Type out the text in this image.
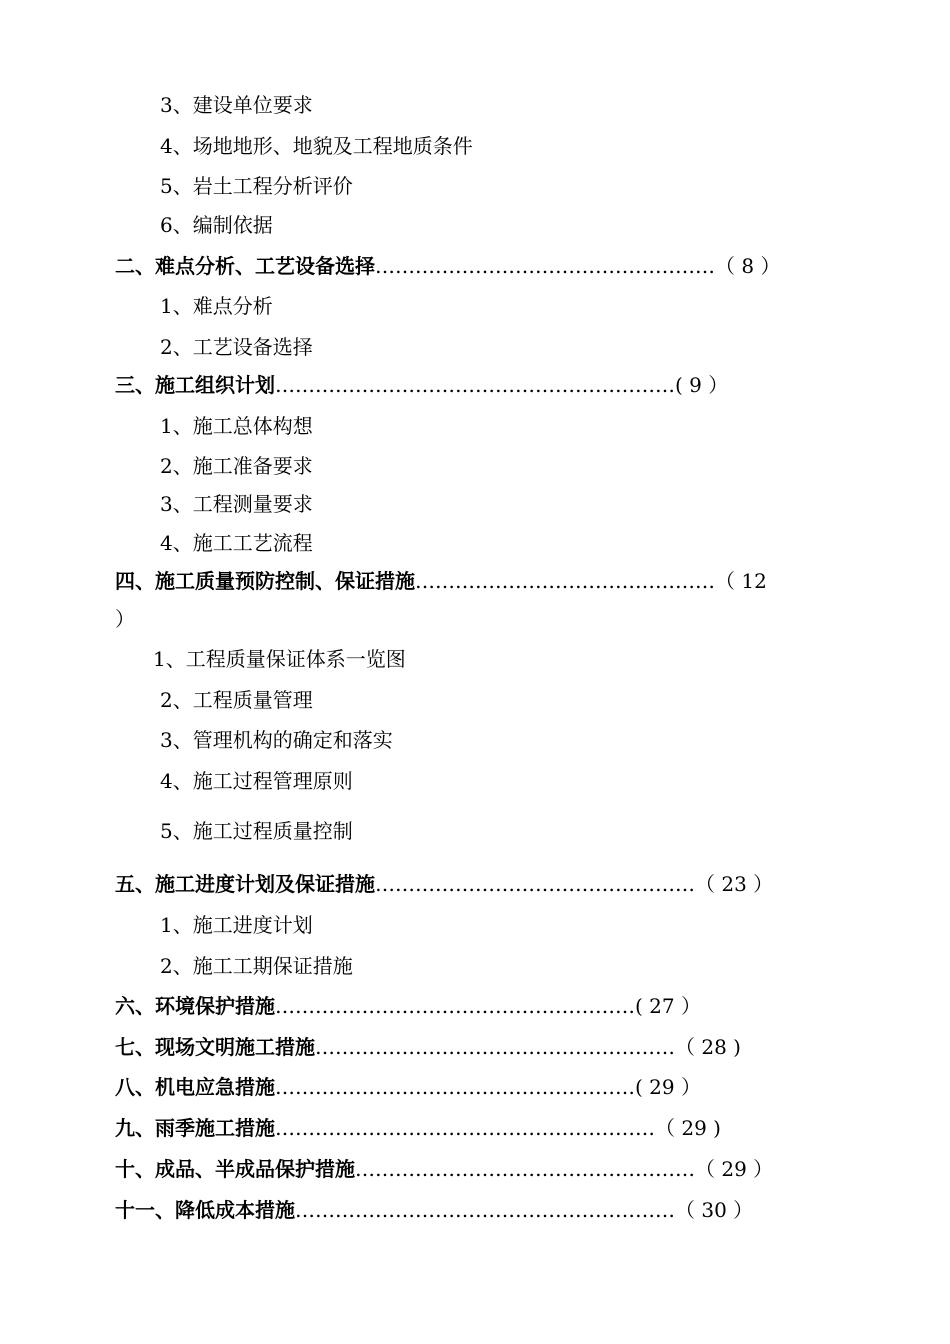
3、建设单位要求
4、场地地形、地貌及工程地质条件
5、岩土工程分析评价
6、编制依据
二、难点分析、工艺设备选择……………………………………………（ 8 ）
1、难点分析
2、工艺设备选择
三、施工组织计划……………………………………………………( 9 ）
1、施工总体构想
2、施工准备要求
3、工程测量要求
4、施工工艺流程
四、施工质量预防控制、保证措施………………………………………（ 12
）
1、工程质量保证体系一览图
2、工程质量管理
3、管理机构的确定和落实
4、施工过程管理原则
5、施工过程质量控制
五、施工进度计划及保证措施…………………………………………（ 23 ）
1、施工进度计划
2、施工工期保证措施
六、环境保护措施………………………………………………( 27 ）
七、现场文明施工措施………………………………………………（ 28 )
八、机电应急措施………………………………………………( 29 ）
九、雨季施工措施…………………………………………………（ 29 )
十、成品、半成品保护措施……………………………………………（ 29 ）
十一、降低成本措施…………………………………………………（ 30 ）
